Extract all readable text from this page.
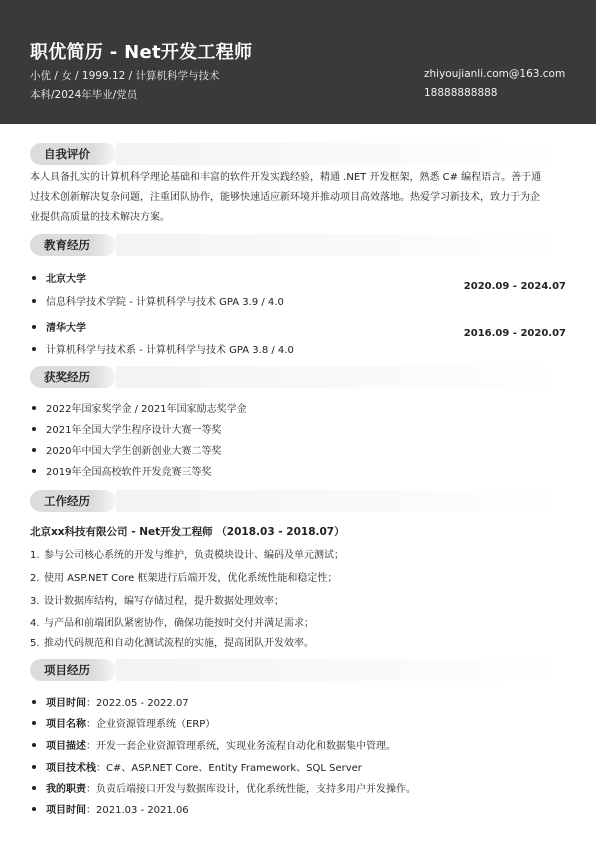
职优简历 - Net开发工程师
小优 / 女 / 1999.12 / 计算机科学与技术
本科/2024年毕业/党员
zhiyoujianli.com@163.com
18888888888
自我评价
本人具备扎实的计算机科学理论基础和丰富的软件开发实践经验，精通 .NET 开发框架，熟悉 C# 编程语言。善于通
过技术创新解决复杂问题，注重团队协作，能够快速适应新环境并推动项目高效落地。热爱学习新技术，致力于为企
业提供高质量的技术解决方案。
教育经历
北京大学
信息科学技术学院 - 计算机科学与技术 GPA 3.9 / 4.0
2020.09 - 2024.07
清华大学
计算机科学与技术系 - 计算机科学与技术 GPA 3.8 / 4.0
2016.09 - 2020.07
获奖经历
2022年国家奖学金 / 2021年国家励志奖学金
2021年全国大学生程序设计大赛一等奖
2020年中国大学生创新创业大赛二等奖
2019年全国高校软件开发竞赛三等奖
工作经历
北京xx科技有限公司 - Net开发工程师 （2018.03 - 2018.07）
1. 参与公司核心系统的开发与维护，负责模块设计、编码及单元测试；
2. 使用 ASP.NET Core 框架进行后端开发，优化系统性能和稳定性；
3. 设计数据库结构，编写存储过程，提升数据处理效率；
4. 与产品和前端团队紧密协作，确保功能按时交付并满足需求；
5. 推动代码规范和自动化测试流程的实施，提高团队开发效率。
项目经历
项目时间：2022.05 - 2022.07
项目名称：企业资源管理系统（ERP）
项目描述：开发一套企业资源管理系统，实现业务流程自动化和数据集中管理。
项目技术栈：C#、ASP.NET Core、Entity Framework、SQL Server
我的职责：负责后端接口开发与数据库设计，优化系统性能，支持多用户并发操作。
项目时间：2021.03 - 2021.06
